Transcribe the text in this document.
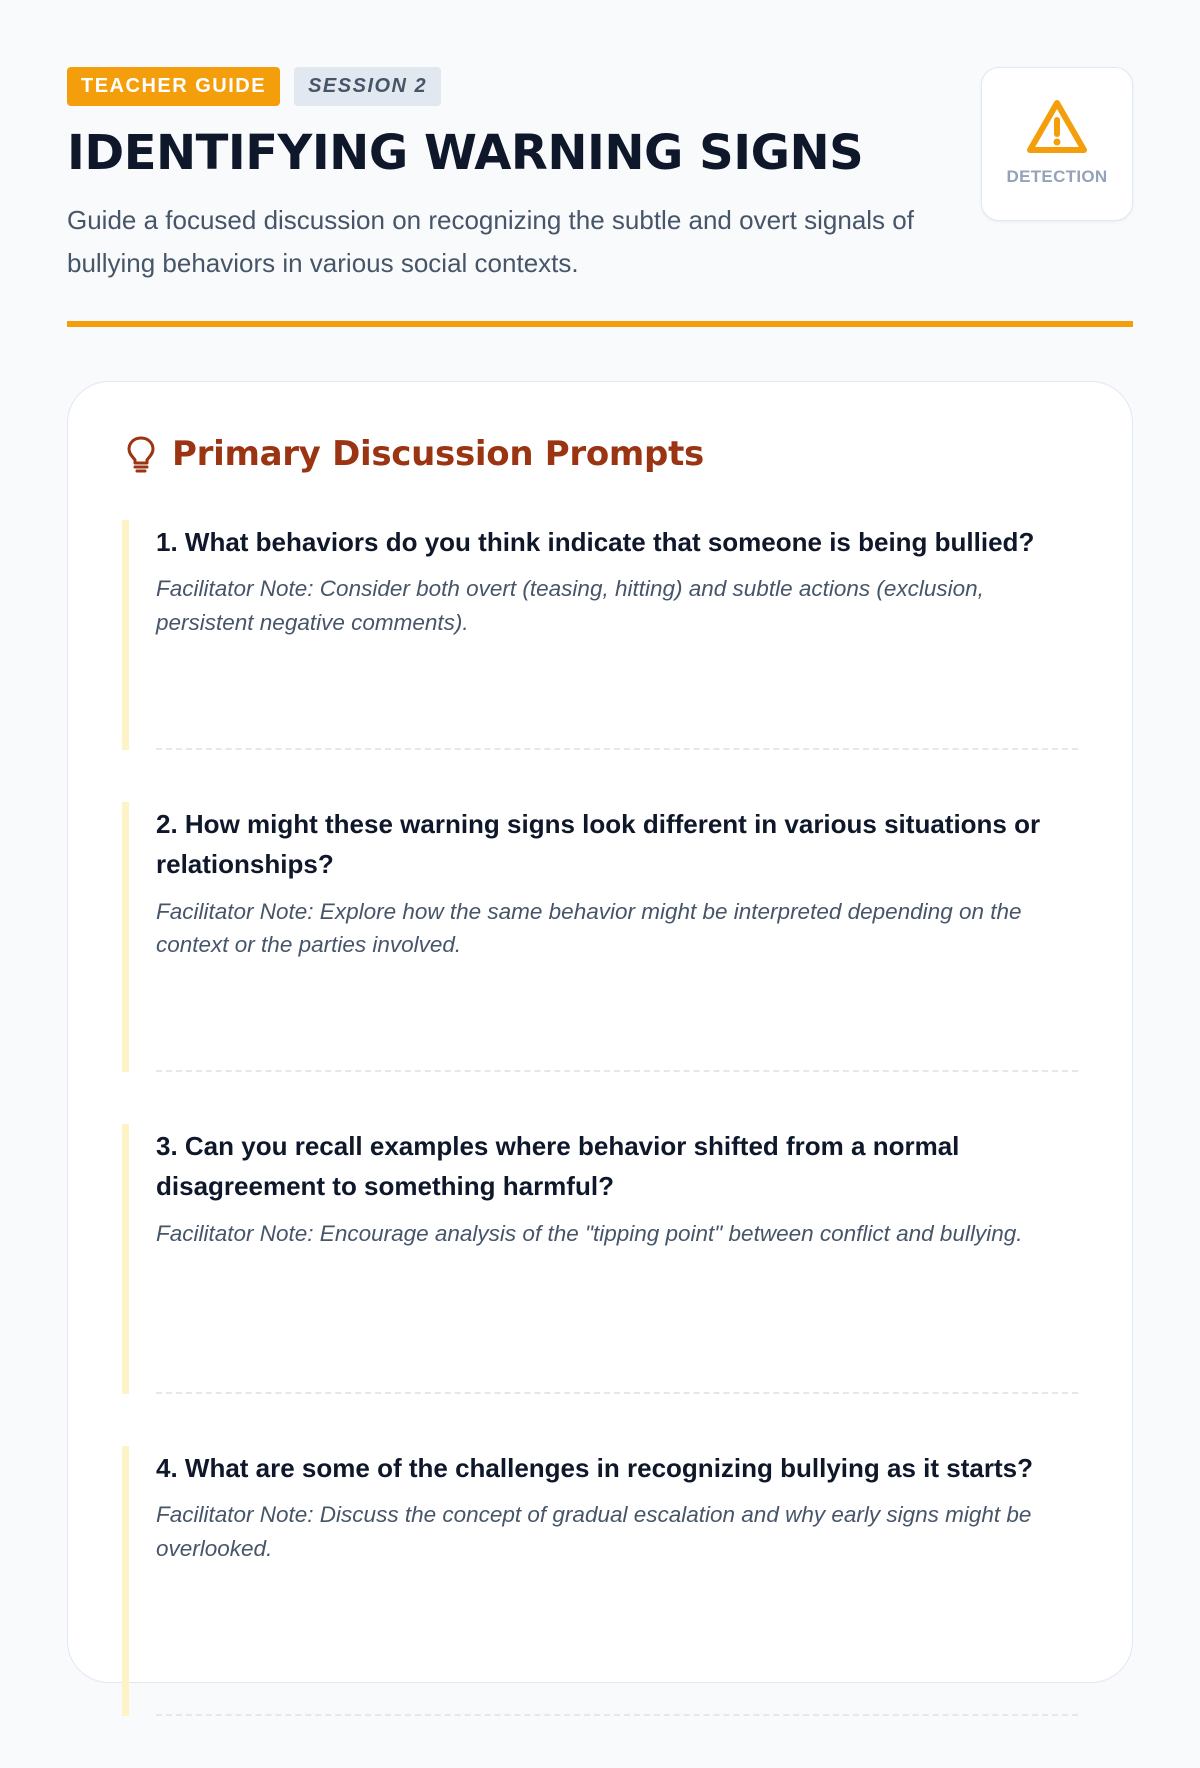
TEACHER GUIDE	SESSION 2
IDENTIFYING WARNING SIGNS

Guide a focused discussion on recognizing the subtle and overt signals of bullying behaviors in various social contexts.

DETECTION
Primary Discussion Prompts

1. What behaviors do you think indicate that someone is being bullied?

Facilitator Note: Consider both overt (teasing, hitting) and subtle actions (exclusion, persistent negative comments).

2. How might these warning signs look different in various situations or relationships?

Facilitator Note: Explore how the same behavior might be interpreted depending on the context or the parties involved.

3. Can you recall examples where behavior shifted from a normal disagreement to something harmful?

Facilitator Note: Encourage analysis of the "tipping point" between conflict and bullying.

4. What are some of the challenges in recognizing bullying as it starts?

Facilitator Note: Discuss the concept of gradual escalation and why early signs might be overlooked.
